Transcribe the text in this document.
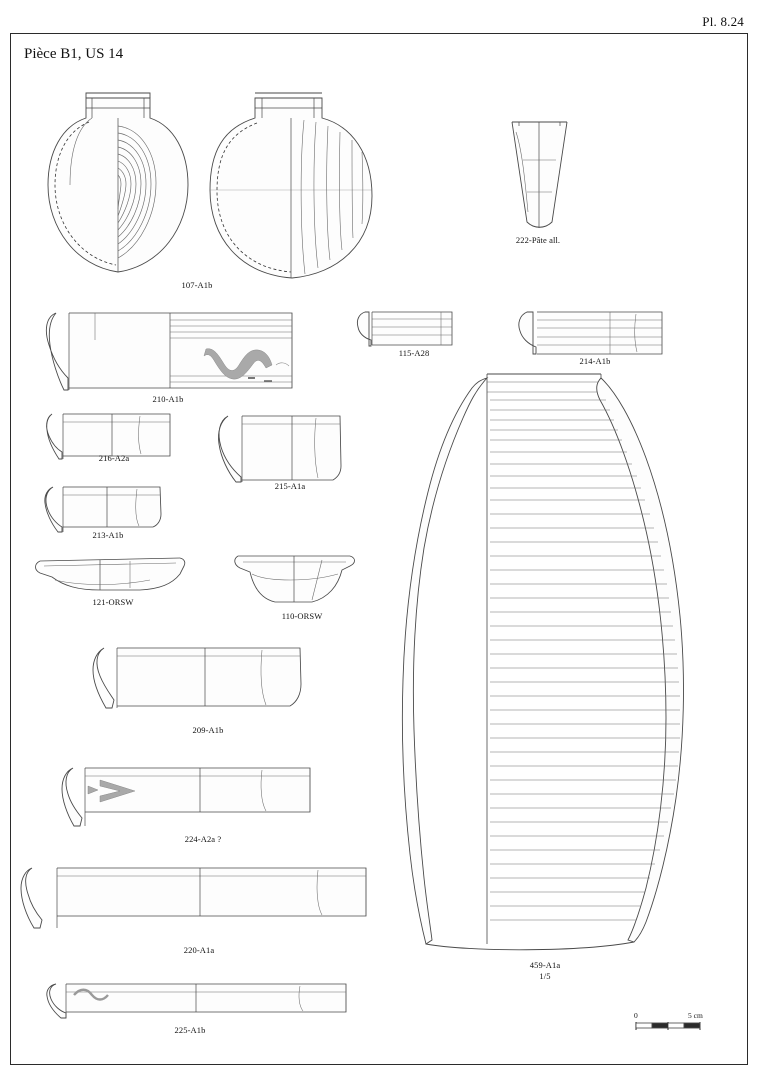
Pl. 8.24
Pièce B1, US 14
107-A1b
222-Pâte all.
115-A28
214-A1b
210-A1b
216-A2a
215-A1a
213-A1b
121-ORSW
110-ORSW
209-A1b
224-A2a ?
220-A1a
225-A1b
459-A1a
1/5
0	5 cm
